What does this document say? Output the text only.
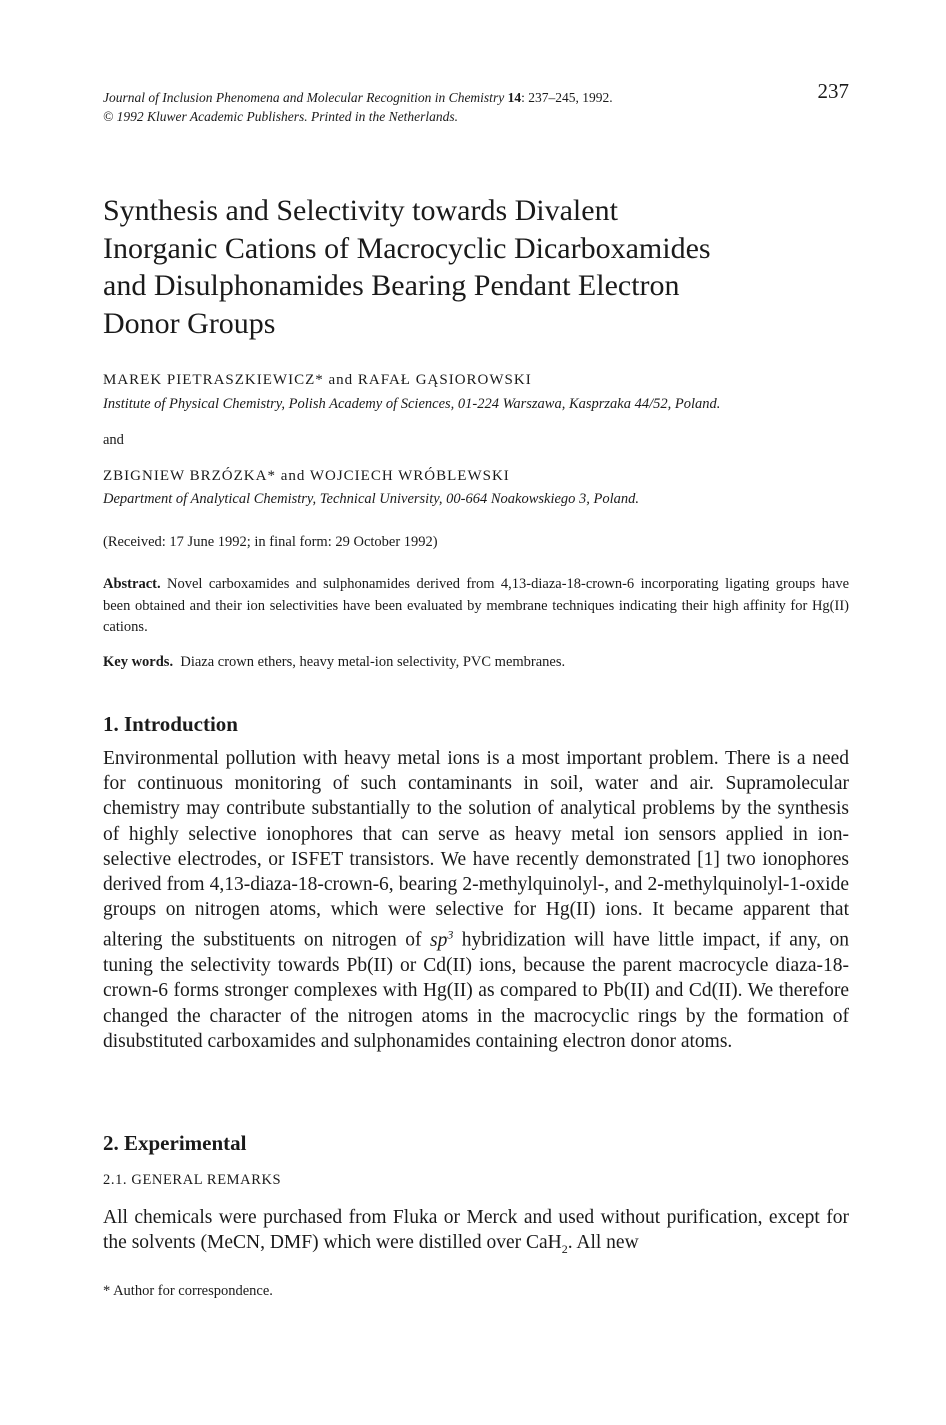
Journal of Inclusion Phenomena and Molecular Recognition in Chemistry 14: 237–245, 1992.
© 1992 Kluwer Academic Publishers. Printed in the Netherlands.
237
Synthesis and Selectivity towards Divalent
Inorganic Cations of Macrocyclic Dicarboxamides
and Disulphonamides Bearing Pendant Electron
Donor Groups
MAREK PIETRASZKIEWICZ* and RAFAŁ GĄSIOROWSKI
Institute of Physical Chemistry, Polish Academy of Sciences, 01-224 Warszawa, Kasprzaka 44/52, Poland.
and
ZBIGNIEW BRZÓZKA* and WOJCIECH WRÓBLEWSKI
Department of Analytical Chemistry, Technical University, 00-664 Noakowskiego 3, Poland.
(Received: 17 June 1992; in final form: 29 October 1992)
Abstract. Novel carboxamides and sulphonamides derived from 4,13-diaza-18-crown-6 incorporating ligating groups have been obtained and their ion selectivities have been evaluated by membrane techniques indicating their high affinity for Hg(II) cations.
Key words. Diaza crown ethers, heavy metal-ion selectivity, PVC membranes.
1. Introduction
Environmental pollution with heavy metal ions is a most important problem. There is a need for continuous monitoring of such contaminants in soil, water and air. Supramolecular chemistry may contribute substantially to the solution of analytical problems by the synthesis of highly selective ionophores that can serve as heavy metal ion sensors applied in ion-selective electrodes, or ISFET transistors. We have recently demonstrated [1] two ionophores derived from 4,13-diaza-18-crown-6, bearing 2-methylquinolyl-, and 2-methylquinolyl-1-oxide groups on nitrogen atoms, which were selective for Hg(II) ions. It became apparent that altering the substituents on nitrogen of $sp^3$ hybridization will have little impact, if any, on tuning the selectivity towards Pb(II) or Cd(II) ions, because the parent macrocycle diaza-18-crown-6 forms stronger complexes with Hg(II) as compared to Pb(II) and Cd(II). We therefore changed the character of the nitrogen atoms in the macrocyclic rings by the formation of disubstituted carboxamides and sulphonamides containing electron donor atoms.
2. Experimental
2.1. GENERAL REMARKS
All chemicals were purchased from Fluka or Merck and used without purification, except for the solvents (MeCN, DMF) which were distilled over CaH$_2$. All new
* Author for correspondence.
